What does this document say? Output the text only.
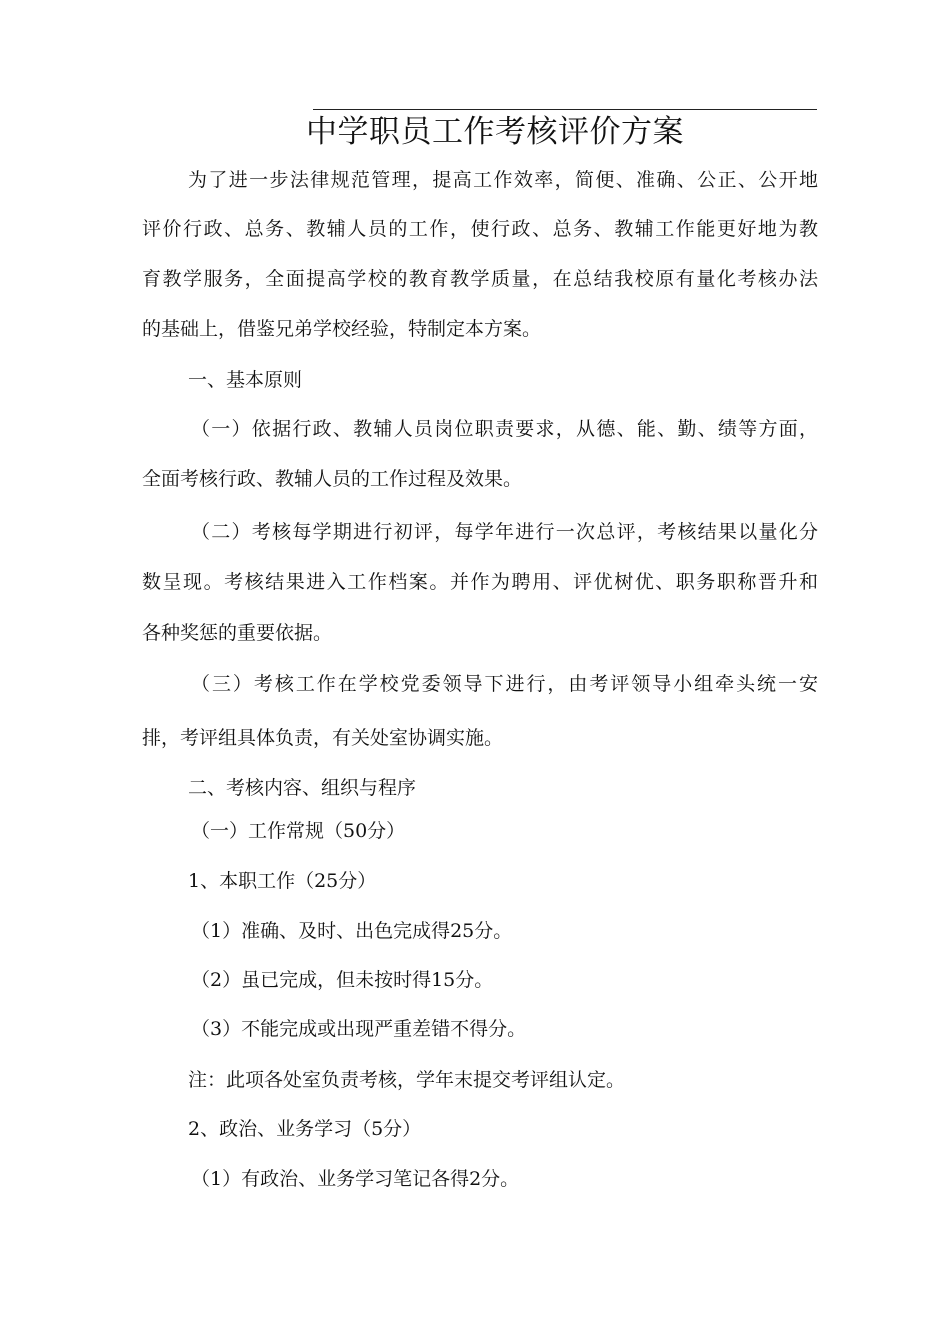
中学职员工作考核评价方案
为了进一步法律规范管理，提高工作效率，简便、准确、公正、公开地
评价行政、总务、教辅人员的工作，使行政、总务、教辅工作能更好地为教
育教学服务，全面提高学校的教育教学质量，在总结我校原有量化考核办法
的基础上，借鉴兄弟学校经验，特制定本方案。
一、基本原则
（一）依据行政、教辅人员岗位职责要求，从德、能、勤、绩等方面，
全面考核行政、教辅人员的工作过程及效果。
（二）考核每学期进行初评，每学年进行一次总评，考核结果以量化分
数呈现。考核结果进入工作档案。并作为聘用、评优树优、职务职称晋升和
各种奖惩的重要依据。
（三）考核工作在学校党委领导下进行，由考评领导小组牵头统一安
排，考评组具体负责，有关处室协调实施。
二、考核内容、组织与程序
（一）工作常规（50分）
1、本职工作（25分）
（1）准确、及时、出色完成得25分。
（2）虽已完成，但未按时得15分。
（3）不能完成或出现严重差错不得分。
注：此项各处室负责考核，学年末提交考评组认定。
2、政治、业务学习（5分）
（1）有政治、业务学习笔记各得2分。
